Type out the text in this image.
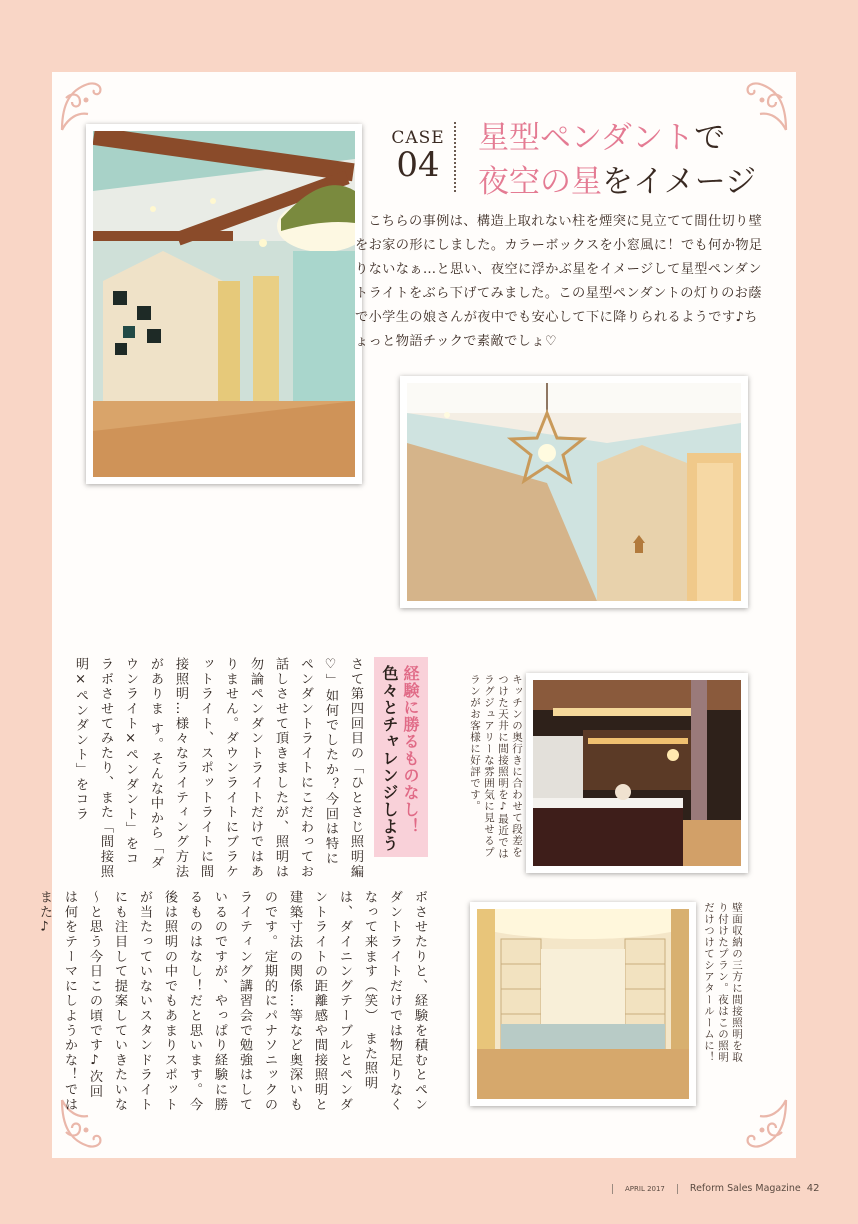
CASE
04
星型ペンダントで
夜空の星をイメージ
こちらの事例は、構造上取れない柱を煙突に見立てて間仕切り壁をお家の形にしました。カラーボックスを小窓風に！でも何か物足りないなぁ…と思い、夜空に浮かぶ星をイメージして星型ペンダントライトをぶら下げてみました。この星型ペンダントの灯りのお蔭で小学生の娘さんが夜中でも安心して下に降りられるようです♪ちょっと物語チックで素敵でしょ♡
キッチンの奥行きに合わせて段差をつけた天井に間接照明を♪最近ではラグジュアリーな雰囲気に見せるプランがお客様に好評です。
壁面収納の三方に間接照明を取り付けたプラン。夜はこの照明だけつけてシアタールームに！
経験に勝るものなし！
色々とチャレンジしよう
さて第四回目の「ひとさじ照明編♡」如何でしたか？今回は特にペンダントライトにこだわってお話しさせて頂きましたが、照明は勿論ペンダントライトだけではありません。ダウンライトにブラケットライト、スポットライトに間接照明…様々なライティング方法がありま す。そんな中から「ダウンライト×ペンダント」をコラボさせてみたり、また「間接照明×ペンダント」をコラ
ボさせたりと、経験を積むとペンダントライトだけでは物足りなくなって来ます（笑）　また照明は、ダイニングテーブルとペンダントライトの距離感や間接照明と建築寸法の関係…等など奥深いものです。定期的にパナソニックのライティング講習会で勉強はしているのですが、やっぱり経験に勝るものはなし！だと思います。今後は照明の中でもあまりスポットが当たっていないスタンドライトにも注目して提案していきたいな～と思う今日この頃です♪次回は何をテーマにしようかな！では また♪
APRIL 2017	Reform Sales Magazine 42
